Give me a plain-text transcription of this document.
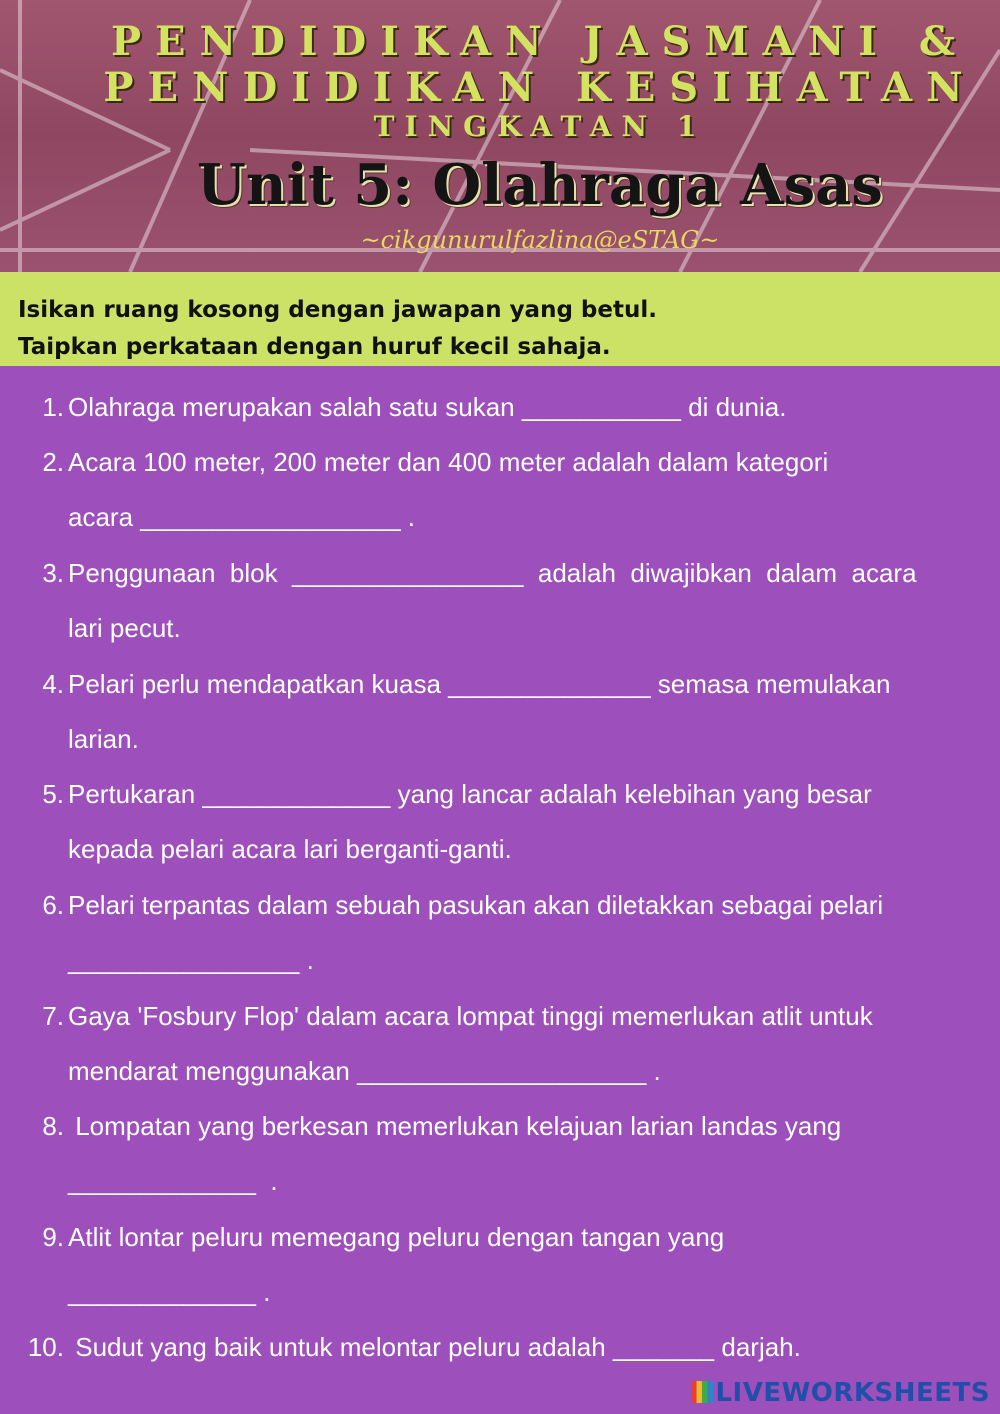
PENDIDIKAN JASMANI &
PENDIDIKAN KESIHATAN
TINGKATAN 1
Unit 5: Olahraga Asas
~cikgunurulfazlina@eSTAG~
Isikan ruang kosong dengan jawapan yang betul.
Taipkan perkataan dengan huruf kecil sahaja.
1. Olahraga merupakan salah satu sukan ___________ di dunia.
2. Acara 100 meter, 200 meter dan 400 meter adalah dalam kategori
acara __________________ .
3. Penggunaan  blok  ________________  adalah  diwajibkan  dalam  acara
lari pecut.
4. Pelari perlu mendapatkan kuasa ______________ semasa memulakan
larian.
5. Pertukaran _____________ yang lancar adalah kelebihan yang besar
kepada pelari acara lari berganti-ganti.
6. Pelari terpantas dalam sebuah pasukan akan diletakkan sebagai pelari
________________ .
7. Gaya 'Fosbury Flop' dalam acara lompat tinggi memerlukan atlit untuk
mendarat menggunakan ____________________ .
8. Lompatan yang berkesan memerlukan kelajuan larian landas yang
_____________  .
9. Atlit lontar peluru memegang peluru dengan tangan yang
_____________ .
10. Sudut yang baik untuk melontar peluru adalah _______ darjah.
LIVEWORKSHEETS
